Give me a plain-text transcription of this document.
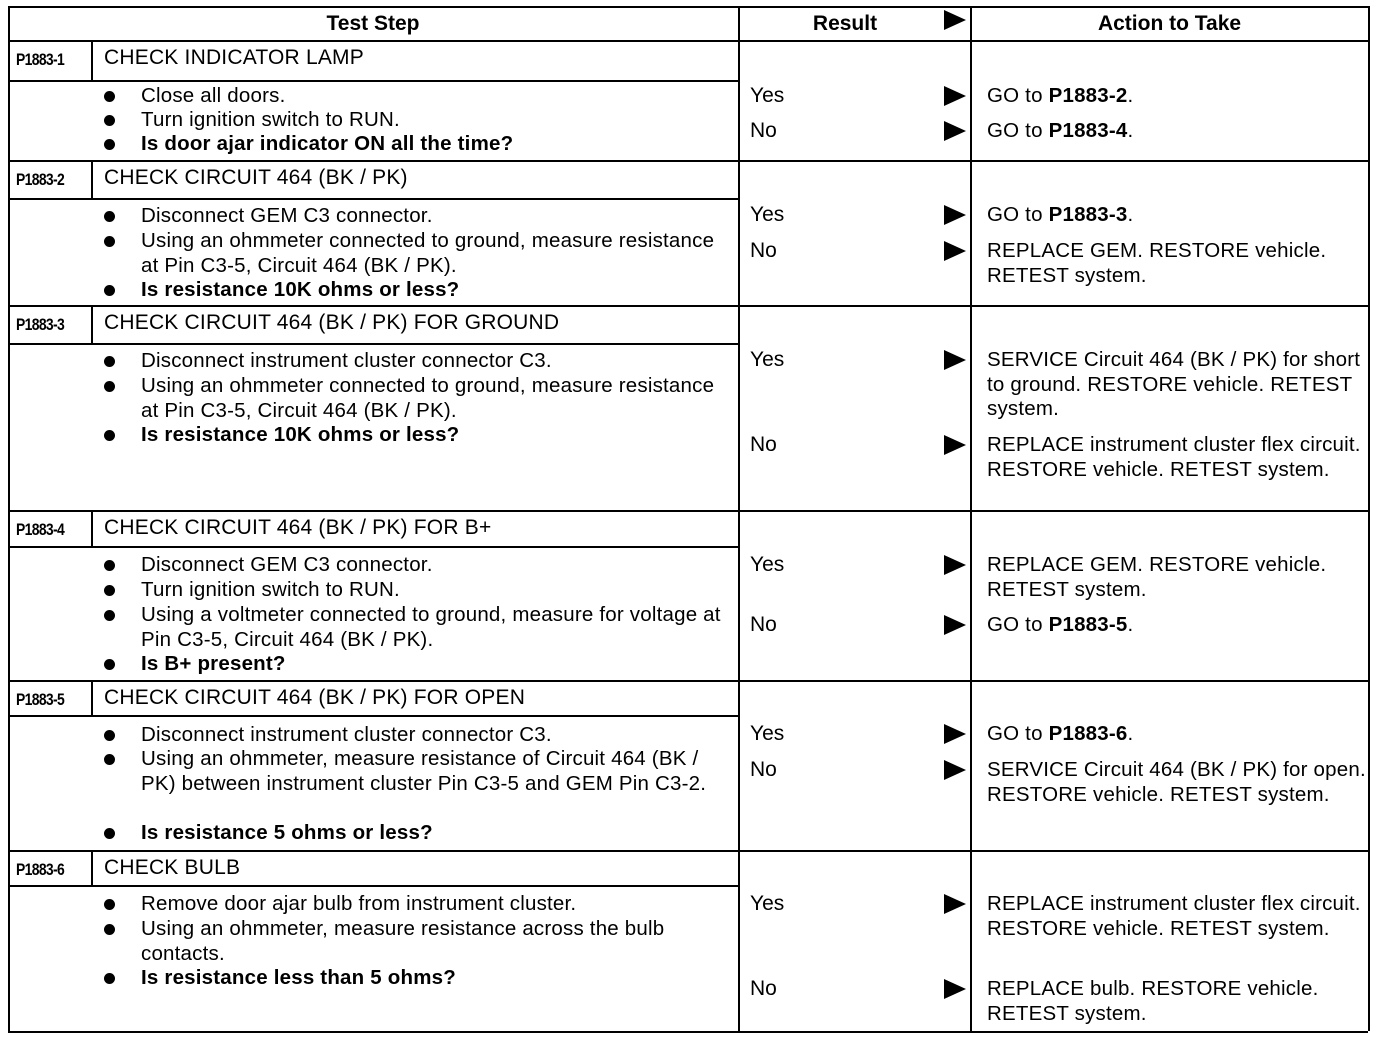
Test Step	Result	Action to Take
P1883-1 CHECK INDICATOR LAMP
Close all doors.
Turn ignition switch to RUN.
Is door ajar indicator ON all the time?
Yes	GO to P1883-2.
No	GO to P1883-4.
P1883-2 CHECK CIRCUIT 464 (BK / PK)
Disconnect GEM C3 connector.
Using an ohmmeter connected to ground, measure resistance at Pin C3-5, Circuit 464 (BK / PK).
Is resistance 10K ohms or less?
Yes	GO to P1883-3.
No	REPLACE GEM. RESTORE vehicle. RETEST system.
P1883-3 CHECK CIRCUIT 464 (BK / PK) FOR GROUND
Disconnect instrument cluster connector C3.
Using an ohmmeter connected to ground, measure resistance at Pin C3-5, Circuit 464 (BK / PK).
Is resistance 10K ohms or less?
Yes	SERVICE Circuit 464 (BK / PK) for short to ground. RESTORE vehicle. RETEST system.
No	REPLACE instrument cluster flex circuit. RESTORE vehicle. RETEST system.
P1883-4 CHECK CIRCUIT 464 (BK / PK) FOR B+
Disconnect GEM C3 connector.
Turn ignition switch to RUN.
Using a voltmeter connected to ground, measure for voltage at Pin C3-5, Circuit 464 (BK / PK).
Is B+ present?
Yes	REPLACE GEM. RESTORE vehicle. RETEST system.
No	GO to P1883-5.
P1883-5 CHECK CIRCUIT 464 (BK / PK) FOR OPEN
Disconnect instrument cluster connector C3.
Using an ohmmeter, measure resistance of Circuit 464 (BK / PK) between instrument cluster Pin C3-5 and GEM Pin C3-2.
Is resistance 5 ohms or less?
Yes	GO to P1883-6.
No	SERVICE Circuit 464 (BK / PK) for open. RESTORE vehicle. RETEST system.
P1883-6 CHECK BULB
Remove door ajar bulb from instrument cluster.
Using an ohmmeter, measure resistance across the bulb contacts.
Is resistance less than 5 ohms?
Yes	REPLACE instrument cluster flex circuit. RESTORE vehicle. RETEST system.
No	REPLACE bulb. RESTORE vehicle. RETEST system.
